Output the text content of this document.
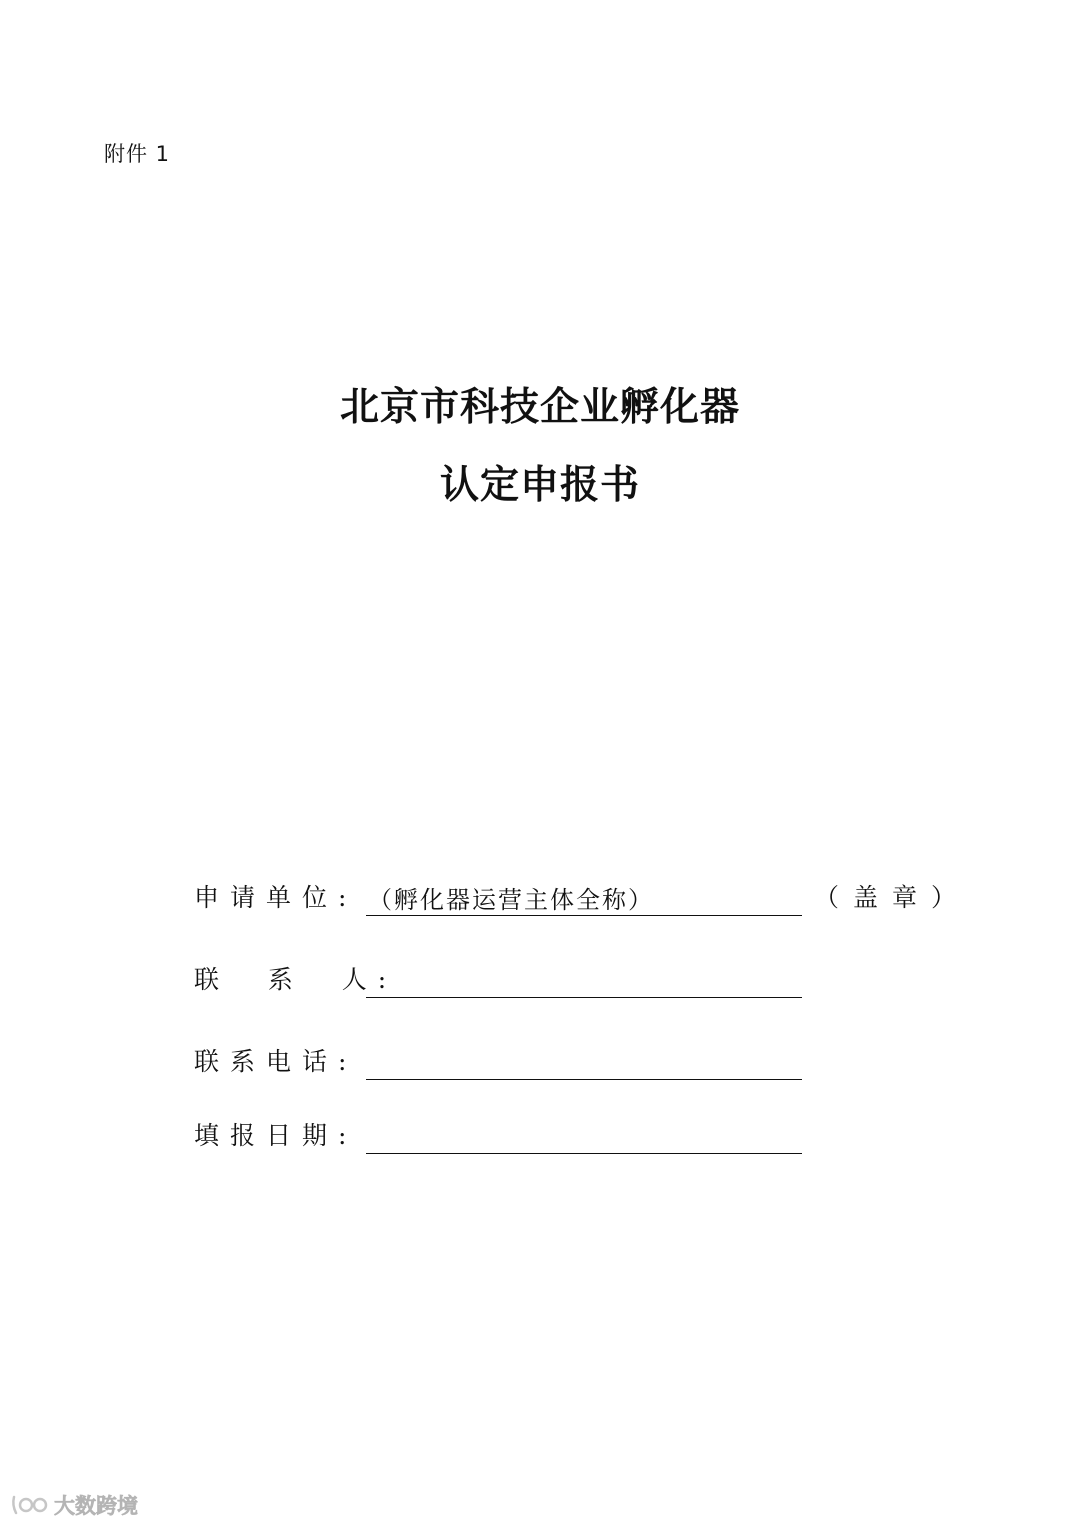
附件 1
北京市科技企业孵化器
认定申报书
申请单位: （孵化器运营主体全称）	（盖章）
联  系  人:
联系电话:
填报日期:
大数跨境
